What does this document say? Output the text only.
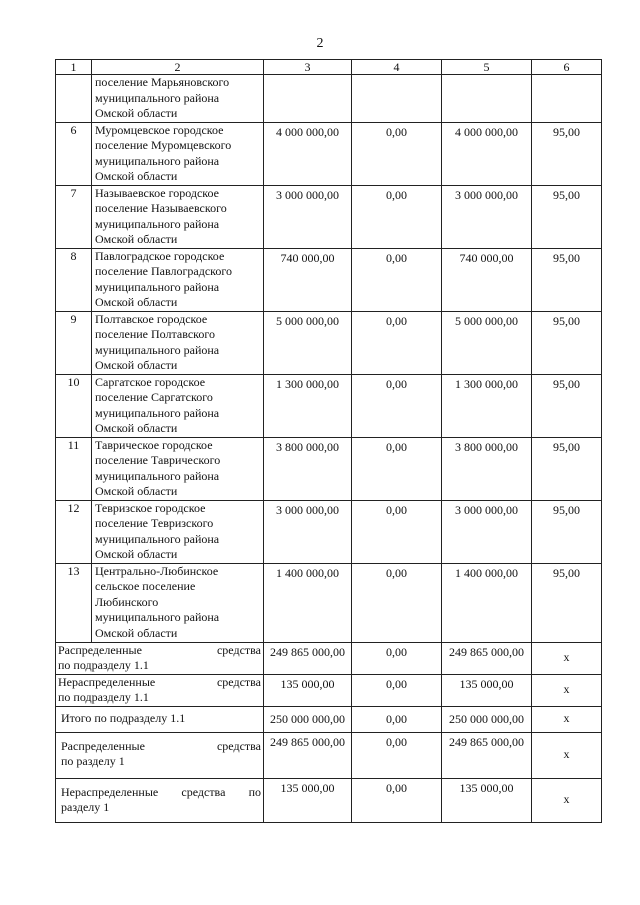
2
1	2	3	4	5	6

	поселение Марьяновского
муниципального района
Омской области				

6	Муромцевское городское
поселение Муромцевского
муниципального района
Омской области	4 000 000,00	0,00	4 000 000,00	95,00
7	Называевское городское
поселение Называевского
муниципального района
Омской области	3 000 000,00	0,00	3 000 000,00	95,00
8	Павлоградское городское
поселение Павлоградского
муниципального района
Омской области	740 000,00	0,00	740 000,00	95,00
9	Полтавское городское
поселение Полтавского
муниципального района
Омской области	5 000 000,00	0,00	5 000 000,00	95,00
10	Саргатское городское
поселение Саргатского
муниципального района
Омской области	1 300 000,00	0,00	1 300 000,00	95,00
11	Таврическое городское
поселение Таврического
муниципального района
Омской области	3 800 000,00	0,00	3 800 000,00	95,00
12	Тевризское городское
поселение Тевризского
муниципального района
Омской области	3 000 000,00	0,00	3 000 000,00	95,00
13	Центрально-Любинское
сельское поселение
Любинского
муниципального района
Омской области	1 400 000,00	0,00	1 400 000,00	95,00

Распределенные средства
по подразделу 1.1		249 865 000,00	0,00	249 865 000,00	х

Нераспределенные средства
по подразделу 1.1		135 000,00	0,00	135 000,00	х
Итого по подразделу 1.1		250 000 000,00	0,00	250 000 000,00	х

Распределенные средства
по разделу 1		249 865 000,00	0,00	249 865 000,00	х

Нераспределенные средства по
разделу 1		135 000,00	0,00	135 000,00	х
